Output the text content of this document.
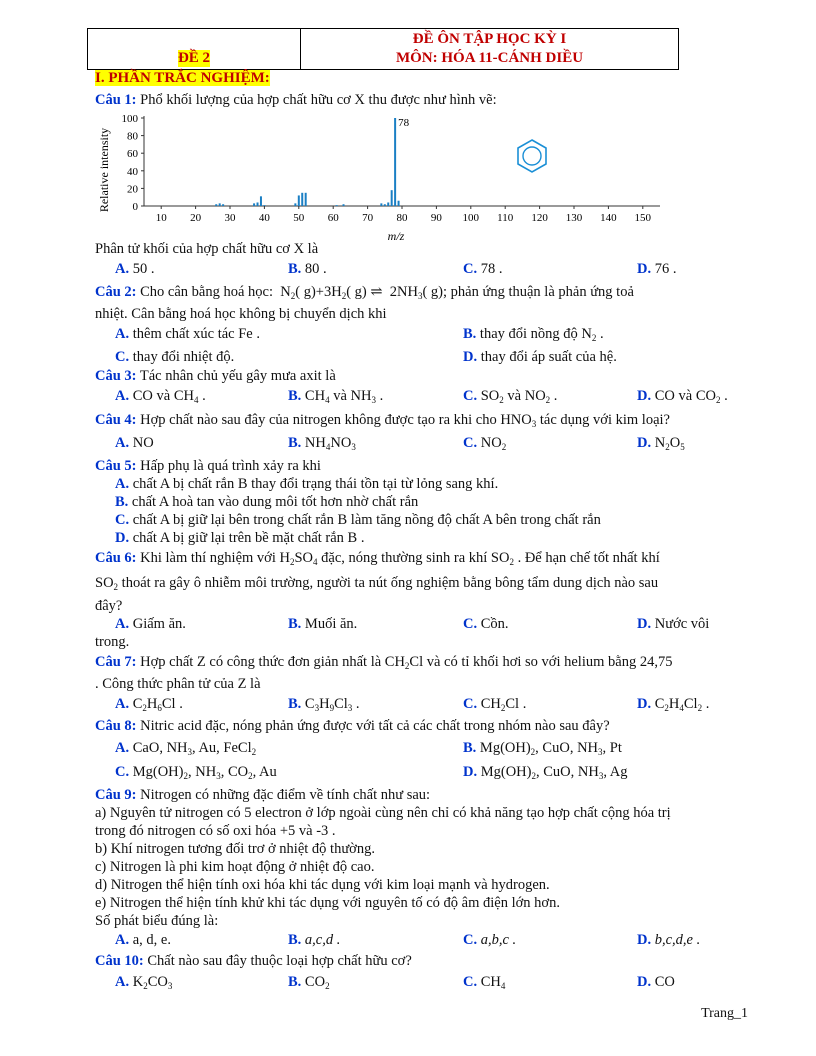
ĐỀ 2
ĐỀ ÔN TẬP HỌC KỲ I
MÔN: HÓA 11-CÁNH DIỀU
I. PHẦN TRẮC NGHIỆM:
Câu 1: Phổ khối lượng của hợp chất hữu cơ X thu được như hình vẽ:
0
20
40
60
80
100
10 20 30 40 50 60 70 80 90 100 110 120 130 140 150
Relative intensity
m/z
78
Phân tử khối của hợp chất hữu cơ X là
A. 50 .	B. 80 .	C. 78 .	D. 76 .
Câu 2: Cho cân bằng hoá học:  $N_2$( $g)+3H_2$( g) ⇌  $2NH_3$( g); phản ứng thuận là phản ứng toả
nhiệt. Cân bằng hoá học không bị chuyển dịch khi
A. thêm chất xúc tác Fe .	B. thay đổi nồng độ $N_2$ .
C. thay đổi nhiệt độ.	D. thay đổi áp suất của hệ.
Câu 3: Tác nhân chủ yếu gây mưa axit là
A. CO và $CH_4$ .	B. $CH_4$ và $NH_3$ .	C. $SO_2$ và $NO_2$ .	D. CO và $CO_2$ .
Câu 4: Hợp chất nào sau đây của nitrogen không được tạo ra khi cho $HNO_3$ tác dụng với kim loại?
A. NO	B. $NH_4NO_3$	C. $NO_2$	D. $N_2O_5$
Câu 5: Hấp phụ là quá trình xảy ra khi
A. chất A bị chất rắn B thay đổi trạng thái tồn tại từ lỏng sang khí.
B. chất A hoà tan vào dung môi tốt hơn nhờ chất rắn
C. chất A bị giữ lại bên trong chất rắn B làm tăng nồng độ chất A bên trong chất rắn
D. chất A bị giữ lại trên bề mặt chất rắn B .
Câu 6: Khi làm thí nghiệm với $H_2SO_4$ đặc, nóng thường sinh ra khí $SO_2$ . Để hạn chế tốt nhất khí
$SO_2$ thoát ra gây ô nhiễm môi trường, người ta nút ống nghiệm bằng bông tẩm dung dịch nào sau
đây?
A. Giấm ăn.	B. Muối ăn.	C. Cồn.	D. Nước vôi
trong.
Câu 7: Hợp chất Z có công thức đơn giản nhất là $CH_2Cl$ và có tỉ khối hơi so với helium bằng 24,75
. Công thức phân tử của Z là
A. $C_2H_6Cl$ .	B. $C_3H_9Cl_3$ .	C. $CH_2Cl$ .	D. $C_2H_4Cl_2$ .
Câu 8: Nitric acid đặc, nóng phản ứng được với tất cả các chất trong nhóm nào sau đây?
A. CaO, $NH_3$, Au, FeCl$_2$	B. $Mg(OH)_2$, CuO, $NH_3$, Pt
C. $Mg(OH)_2$, $NH_3$, $CO_2$, Au	D. $Mg(OH)_2$, CuO, $NH_3$, Ag
Câu 9: Nitrogen có những đặc điểm về tính chất như sau:
a) Nguyên tử nitrogen có 5 electron ở lớp ngoài cùng nên chỉ có khả năng tạo hợp chất cộng hóa trị
trong đó nitrogen có số oxi hóa +5 và -3 .
b) Khí nitrogen tương đối trơ ở nhiệt độ thường.
c) Nitrogen là phi kim hoạt động ở nhiệt độ cao.
d) Nitrogen thể hiện tính oxi hóa khi tác dụng với kim loại mạnh và hydrogen.
e) Nitrogen thể hiện tính khử khi tác dụng với nguyên tố có độ âm điện lớn hơn.
Số phát biểu đúng là:
A. a, d, e.	B. a,c,d .	C. a,b,c .	D. b,c,d,e .
Câu 10: Chất nào sau đây thuộc loại hợp chất hữu cơ?
A. $K_2CO_3$	B. $CO_2$	C. $CH_4$	D. CO
Trang_1
